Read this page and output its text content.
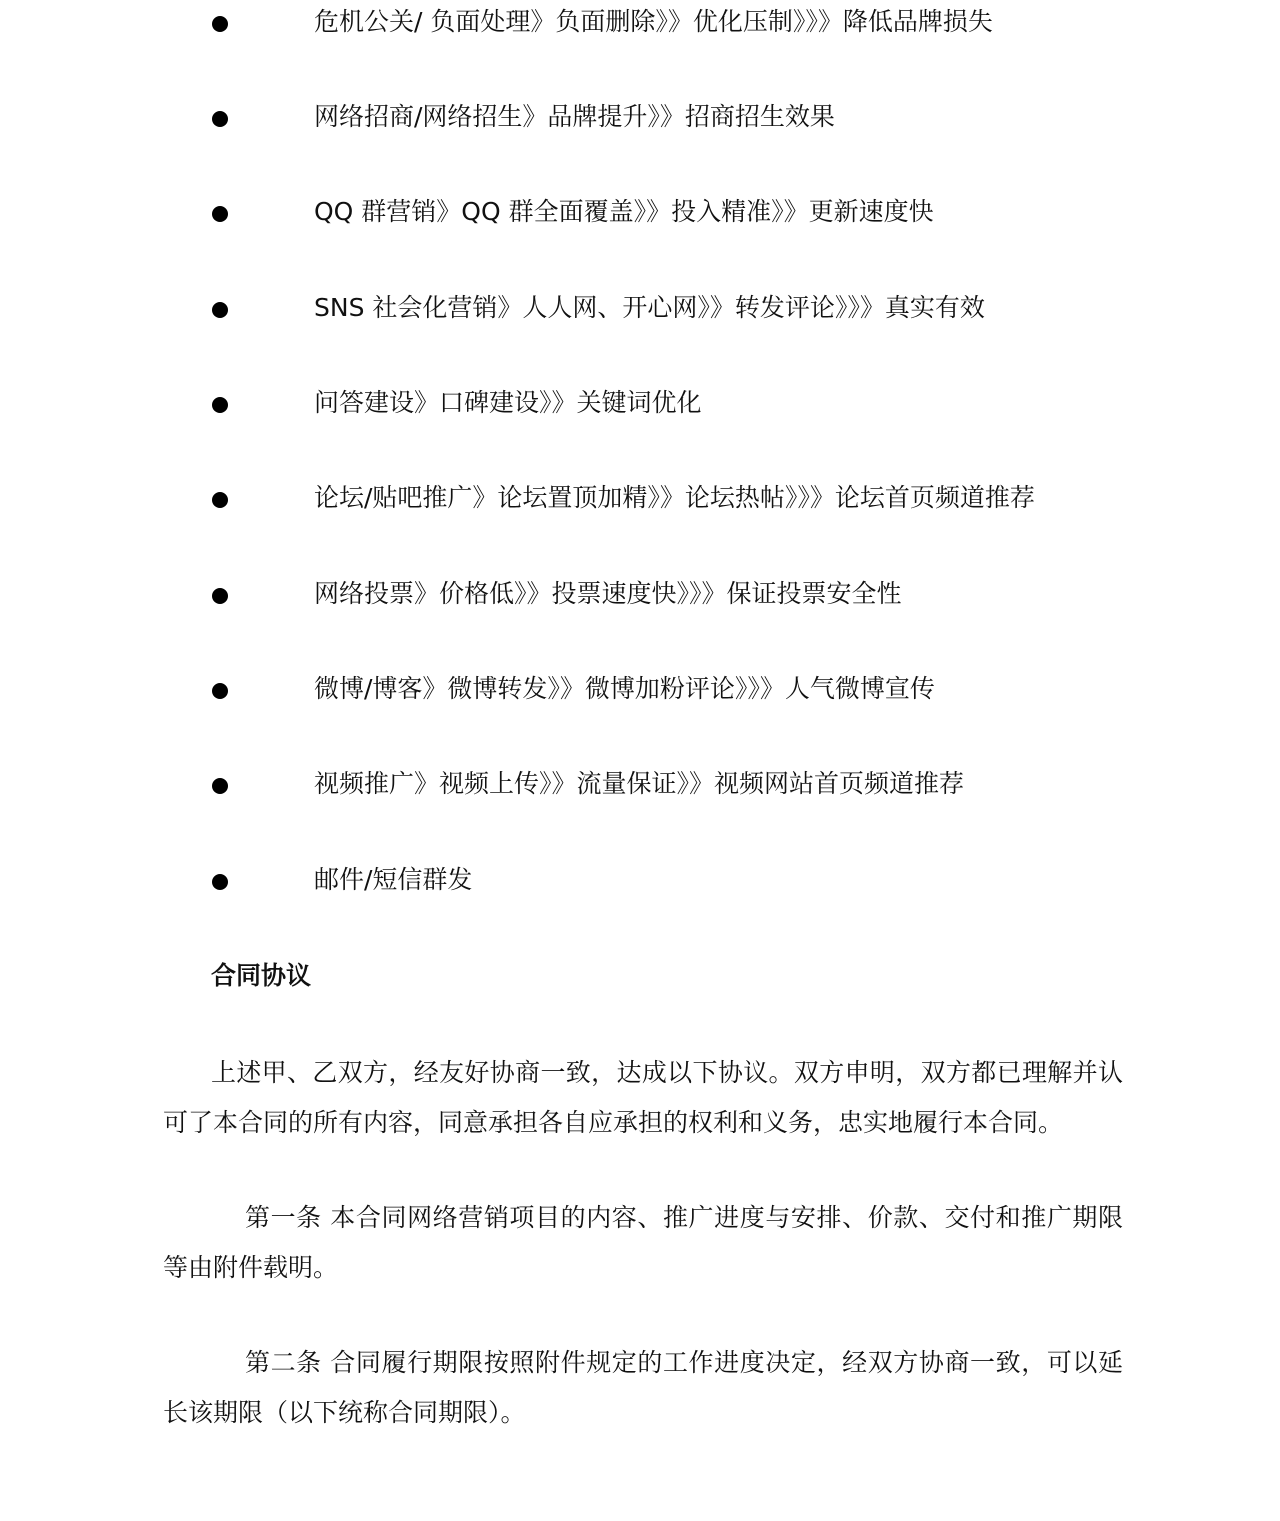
危机公关/ 负面处理》负面删除》》优化压制》》》降低品牌损失
网络招商/网络招生》品牌提升》》招商招生效果
QQ 群营销》QQ 群全面覆盖》》投入精准》》更新速度快
SNS 社会化营销》人人网、开心网》》转发评论》》》真实有效
问答建设》口碑建设》》关键词优化
论坛/贴吧推广》论坛置顶加精》》论坛热帖》》》论坛首页频道推荐
网络投票》价格低》》投票速度快》》》保证投票安全性
微博/博客》微博转发》》微博加粉评论》》》人气微博宣传
视频推广》视频上传》》流量保证》》视频网站首页频道推荐
邮件/短信群发
合同协议

上述甲、乙双方，经友好协商一致，达成以下协议。双方申明，双方都已理解并认可了本合同的所有内容，同意承担各自应承担的权利和义务，忠实地履行本合同。

第一条 本合同网络营销项目的内容、推广进度与安排、价款、交付和推广期限等由附件载明。

第二条 合同履行期限按照附件规定的工作进度决定，经双方协商一致，可以延长该期限（以下统称合同期限）。
